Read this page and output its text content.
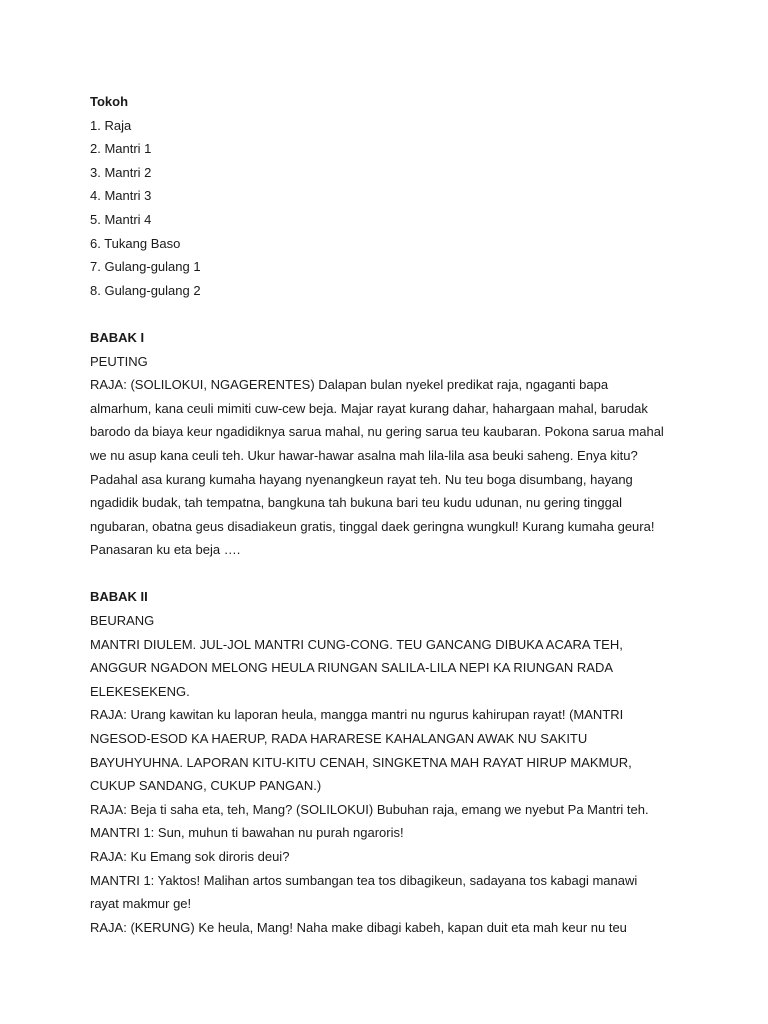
Tokoh
1. Raja
2. Mantri 1
3. Mantri 2
4. Mantri 3
5. Mantri 4
6. Tukang Baso
7. Gulang-gulang 1
8. Gulang-gulang 2
BABAK I
PEUTING
RAJA: (SOLILOKUI, NGAGERENTES) Dalapan bulan nyekel predikat raja, ngaganti bapa
almarhum, kana ceuli mimiti cuw-cew beja. Majar rayat kurang dahar, hahargaan mahal, barudak
barodo da biaya keur ngadidiknya sarua mahal, nu gering sarua teu kaubaran. Pokona sarua mahal
we nu asup kana ceuli teh. Ukur hawar-hawar asalna mah lila-lila asa beuki saheng. Enya kitu?
Padahal asa kurang kumaha hayang nyenangkeun rayat teh. Nu teu boga disumbang, hayang
ngadidik budak, tah tempatna, bangkuna tah bukuna bari teu kudu udunan, nu gering tinggal
ngubaran, obatna geus disadiakeun gratis, tinggal daek geringna wungkul! Kurang kumaha geura!
Panasaran ku eta beja ….
BABAK II
BEURANG
MANTRI DIULEM. JUL-JOL MANTRI CUNG-CONG. TEU GANCANG DIBUKA ACARA TEH,
ANGGUR NGADON MELONG HEULA RIUNGAN SALILA-LILA NEPI KA RIUNGAN RADA
ELEKESEKENG.
RAJA: Urang kawitan ku laporan heula, mangga mantri nu ngurus kahirupan rayat! (MANTRI
NGESOD-ESOD KA HAERUP, RADA HARARESE KAHALANGAN AWAK NU SAKITU
BAYUHYUHNA. LAPORAN KITU-KITU CENAH, SINGKETNA MAH RAYAT HIRUP MAKMUR,
CUKUP SANDANG, CUKUP PANGAN.)
RAJA: Beja ti saha eta, teh, Mang? (SOLILOKUI) Bubuhan raja, emang we nyebut Pa Mantri teh.
MANTRI 1: Sun, muhun ti bawahan nu purah ngaroris!
RAJA: Ku Emang sok diroris deui?
MANTRI 1: Yaktos! Malihan artos sumbangan tea tos dibagikeun, sadayana tos kabagi manawi
rayat makmur ge!
RAJA: (KERUNG) Ke heula, Mang! Naha make dibagi kabeh, kapan duit eta mah keur nu teu
